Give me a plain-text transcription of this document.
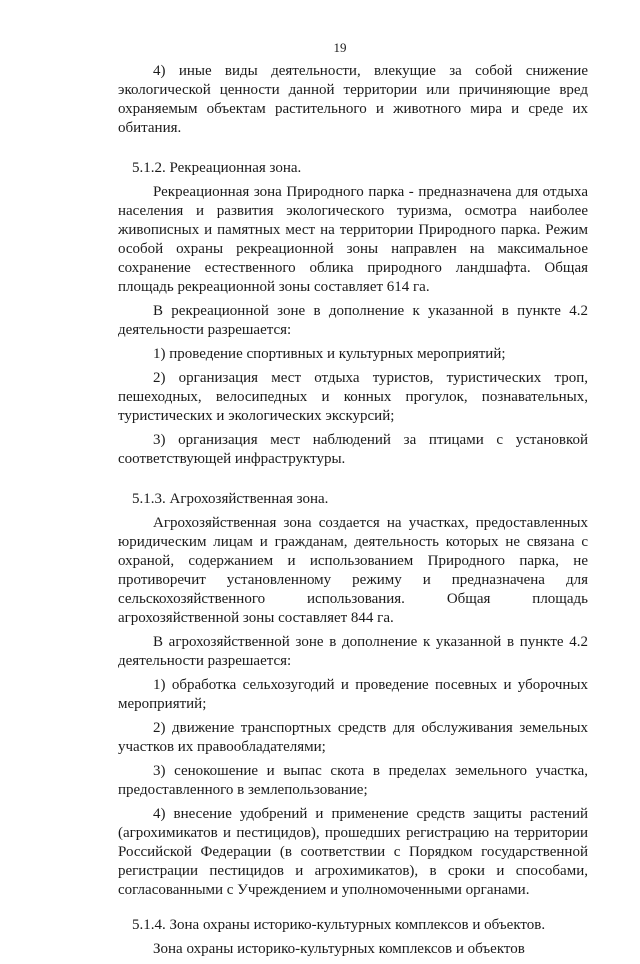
19

4) иные виды деятельности, влекущие за собой снижение экологической ценности данной территории или причиняющие вред охраняемым объектам растительного и животного мира и среде их обитания.

5.1.2. Рекреационная зона.

Рекреационная зона Природного парка - предназначена для отдыха населения и развития экологического туризма, осмотра наиболее живописных и памятных мест на территории Природного парка. Режим особой охраны рекреационной зоны направлен на максимальное сохранение естественного облика природного ландшафта. Общая площадь рекреационной зоны составляет 614 га.

В рекреационной зоне в дополнение к указанной в пункте 4.2 деятельности разрешается:

1) проведение спортивных и культурных мероприятий;

2) организация мест отдыха туристов, туристических троп, пешеходных, велосипедных и конных прогулок, познавательных, туристических и экологических экскурсий;

3) организация мест наблюдений за птицами с установкой соответствующей инфраструктуры.

5.1.3. Агрохозяйственная зона.

Агрохозяйственная зона создается на участках, предоставленных юридическим лицам и гражданам, деятельность которых не связана с охраной, содержанием и использованием Природного парка, не противоречит установленному режиму и предназначена для сельскохозяйственного использования. Общая площадь агрохозяйственной зоны составляет 844 га.

В агрохозяйственной зоне в дополнение к указанной в пункте 4.2 деятельности разрешается:

1) обработка сельхозугодий и проведение посевных и уборочных мероприятий;

2) движение транспортных средств для обслуживания земельных участков их правообладателями;

3) сенокошение и выпас скота в пределах земельного участка, предоставленного в землепользование;

4) внесение удобрений и применение средств защиты растений (агрохимикатов и пестицидов), прошедших регистрацию на территории Российской Федерации (в соответствии с Порядком государственной регистрации пестицидов и агрохимикатов), в сроки и способами, согласованными с Учреждением и уполномоченными органами.

5.1.4. Зона охраны историко-культурных комплексов и объектов.

Зона охраны историко-культурных комплексов и объектов
